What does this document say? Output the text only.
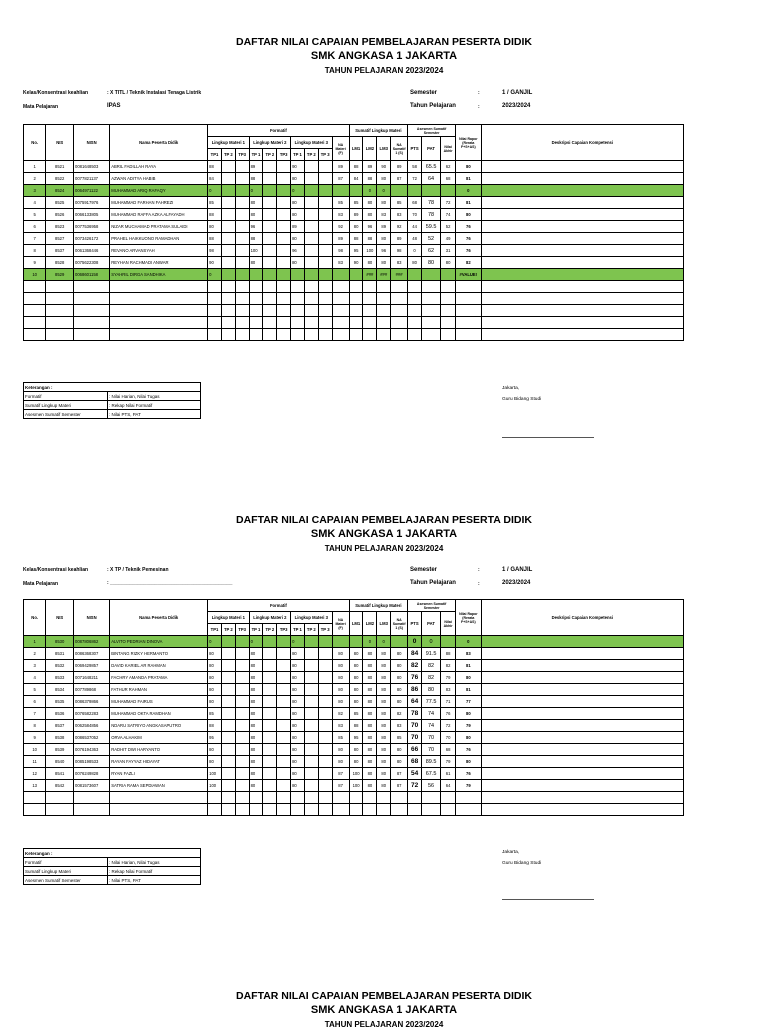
DAFTAR NILAI CAPAIAN PEMBELAJARAN PESERTA DIDIK
SMK ANGKASA 1 JAKARTA
TAHUN PELAJARAN 2023/2024
Kelas/Konsentrasi keahlian	: X TITL / Teknik Instalasi Tenaga Listrik
Mata Pelajaran	IPAS
Semester	:	1 / GANJIL
Tahun Pelajaran	:	2023/2024
No.	NIS	NISN	Nama Peserta Didik	Formatif										Sumatif Lingkup Materi				Asesmen Sumatif Semester			Nilai Rapor (Rerata F+S+AS)	Deskripsi Capaian Kompetensi
				Lingkup Materi 1			Lingkup Materi 2			Lingkup Materi 3			NA Materi (F)	LM1	LM2	LM3	NA Sumatif 1 (S)	PTS	PAT	Nilai Akhir		
				TP1	TP 2	TP3	TP 1	TP 2	TP3	TP 1	TP 2	TP 3										
1	8521	0081648503	ABRIL FADILLAH RAYA	88			89			90			89	88	89	90	89	58	65.5	62	80	
2	8522	0077821137	AZWAN ADITYA HABIB	84			88			80			87	84	88	80	87	72	64	68	81	
3	8524	0064971122	MUHAMMAD ARIQ RAFAQY	0			0			0					0	0					0	
4	8525	0075917976	MUHAMMAD FARHAN FAHREZI	85			80			80			85	85	80	80	85	68	78	72	81	
5	8526	0066133805	MUHAMMAD RAFFA AZKA ALFAYADH	88			80			80			83	89	80	83	83	70	78	74	80	
6	8523	0077536958	NIZAR MUCHAMAD PRATAMA SULAIDI	80			96			89			92	80	96	89	92	44	59.5	52	76	
7	8527	0073426172	PRAHEL HAIKKUONO RAMADHAN	88			88			80			89	88	88	80	89	48	52	49	76	
8	8537	0061368446	REVANO ARVANSYAH	98			100			96			98	95	100	96	98	0	62	31	76	
9	8528	0075622308	REYHAN RACHMADI ANWAR	90			80			80			83	90	80	80	83	80	80	80	82	
10	8529	0068601158	SYAHRIL DIRGA SANDHIKA	0											###	###	###				#VALUE!	

Keterangan :	
Formatif	: Nilai Harian, Nilai Tugas
Sumatif Lingkup Materi	: Rekap Nilai Formatif
Asesmen Sumatif Semester	: Nilai PTS, PAT
Jakarta,
Guru Bidang Studi
DAFTAR NILAI CAPAIAN PEMBELAJARAN PESERTA DIDIK
SMK ANGKASA 1 JAKARTA
TAHUN PELAJARAN 2023/2024
Kelas/Konsentrasi keahlian	: X TP / Teknik Pemesinan
Mata Pelajaran	: ____________________________________________
Semester	:	1 / GANJIL
Tahun Pelajaran	:	2023/2024
No.	NIS	NISN	Nama Peserta Didik	Formatif										Sumatif Lingkup Materi				Asesmen Sumatif Semester			Nilai Rapor (Rerata F+S+AS)	Deskripsi Capaian Kompetensi
				Lingkup Materi 1			Lingkup Materi 2			Lingkup Materi 3			NA Materi (F)	LM1	LM2	LM3	NA Sumatif 1 (S)	PTS	PAT	Nilai Akhir		
				TP1	TP 2	TP3	TP 1	TP 2	TP3	TP 1	TP 2	TP 3										
1	8530	0087806862	ALVITO PEDRIAN DINOVA	0			0			0					0	0		0	0		0	
2	8531	0086368307	BINTANG RIZKY HERMANTO	80			80			80			80	80	80	80	80	84	91.5	88	83	
3	8532	0069429857	DAVID KARIEL AR RAHMAN	80			80			80			80	80	80	80	80	82	82	82	81	
4	8533	0071648211	FACHRY AMANDA PRATAMA	80			80			80			80	80	80	80	80	76	82	79	80	
5	8534	007789868	FATHUR RAHMAN	80			80			80			80	80	80	80	80	86	80	83	81	
6	8535	0086379866	MUHAMMAD FAIRUS	80			80			80			80	80	80	80	80	64	77.5	71	77	
7	8536	0076582283	MUHAMMAD OKTA RAMDHAN	85			80			80			82	85	80	80	82	78	74	76	80	
8	8537	0062584856	NDARU SATRIYO ANGKASAPUTRO	88			80			80			83	88	80	80	83	70	74	72	79	
9	8538	0086537052	ORVA ALHAKIM	95			80			80			85	95	80	80	85	70	70	70	80	
10	8539	0076194363	RADHIT DWI HARYANTO	80			80			80			80	80	80	80	80	66	70	68	76	
11	8540	0085198533	RAYAN FAYYAZ HIDAYAT	80			80			80			80	80	80	80	80	68	89.5	79	80	
12	8541	0076249828	RYAN FAZLI	100			80			80			87	100	80	80	87	54	67.5	61	76	
13	8542	0081573607	SATRIA RAMA SEPDIAWAN	100			80			80			87	100	80	80	87	72	56	64	79	

Keterangan :	
Formatif	: Nilai Harian, Nilai Tugas
Sumatif Lingkup Materi	: Rekap Nilai Formatif
Asesmen Sumatif Semester	: Nilai PTS, PAT
Jakarta,
Guru Bidang Studi
DAFTAR NILAI CAPAIAN PEMBELAJARAN PESERTA DIDIK
SMK ANGKASA 1 JAKARTA
TAHUN PELAJARAN 2023/2024
